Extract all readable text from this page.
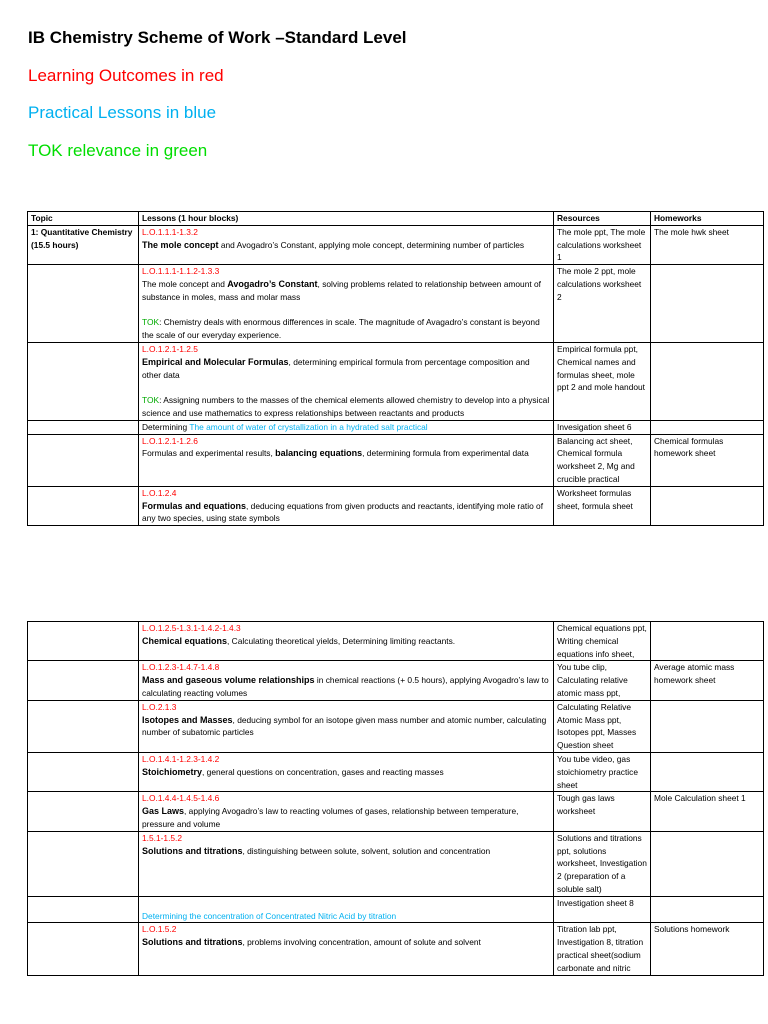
IB Chemistry Scheme of Work –Standard Level
Learning Outcomes in red
Practical Lessons in blue
TOK relevance in green
Topic	Lessons (1 hour blocks)	Resources	Homeworks
1: Quantitative Chemistry (15.5 hours)	L.O.1.1.1-1.3.2
The mole concept and Avogadro’s Constant, applying mole concept, determining number of particles	The mole ppt, The mole calculations worksheet 1	The mole hwk sheet

	L.O.1.1.1-1.1.2-1.3.3
The mole concept and Avogadro’s Constant, solving problems related to relationship between amount of substance in moles, mass and molar mass
TOK: Chemistry deals with enormous differences in scale. The magnitude of Avagadro’s constant is beyond the scale of our everyday experience.	The mole 2 ppt, mole calculations worksheet 2	

	L.O.1.2.1-1.2.5
Empirical and Molecular Formulas, determining empirical formula from percentage composition and other data
TOK: Assigning numbers to the masses of the chemical elements allowed chemistry to develop into a physical science and use mathematics to express relationships between reactants and products	Empirical formula ppt, Chemical names and formulas sheet, mole ppt 2 and mole handout	
	Determining The amount of water of crystallization in a hydrated salt practical	Invesigation sheet 6	

	L.O.1.2.1-1.2.6
Formulas and experimental results, balancing equations, determining formula from experimental data	Balancing act sheet, Chemical formula worksheet 2, Mg and crucible practical	Chemical formulas homework sheet

	L.O.1.2.4
Formulas and equations, deducing equations from given products and reactants, identifying mole ratio of any two species, using state symbols	Worksheet formulas sheet, formula sheet	

	L.O.1.2.5-1.3.1-1.4.2-1.4.3
Chemical equations, Calculating theoretical yields, Determining limiting reactants.	Chemical equations ppt, Writing chemical equations info sheet,	

	L.O.1.2.3-1.4.7-1.4.8
Mass and gaseous volume relationships in chemical reactions (+ 0.5 hours), applying Avogadro’s law to calculating reacting volumes	You tube clip, Calculating relative atomic mass ppt,	Average atomic mass homework sheet

	L.O.2.1.3
Isotopes and Masses, deducing symbol for an isotope given mass number and atomic number, calculating number of subatomic particles	Calculating Relative Atomic Mass ppt, Isotopes ppt, Masses Question sheet	

	L.O.1.4.1-1.2.3-1.4.2
Stoichiometry, general questions on concentration, gases and reacting masses	You tube video, gas stoichiometry practice sheet	

	L.O.1.4.4-1.4.5-1.4.6
Gas Laws, applying Avogadro’s law to reacting volumes of gases, relationship between temperature, pressure and volume	Tough gas laws worksheet	Mole Calculation sheet 1

	1.5.1-1.5.2
Solutions and titrations, distinguishing between solute, solvent, solution and concentration	Solutions and titrations ppt, solutions worksheet, Investigation 2 (preparation of a soluble salt)	

	Determining the concentration of Concentrated Nitric Acid by titration	Investigation sheet 8	

	L.O.1.5.2
Solutions and titrations, problems involving concentration, amount of solute and solvent	Titration lab ppt, Investigation 8, titration practical sheet(sodium carbonate and nitric	Solutions homework
